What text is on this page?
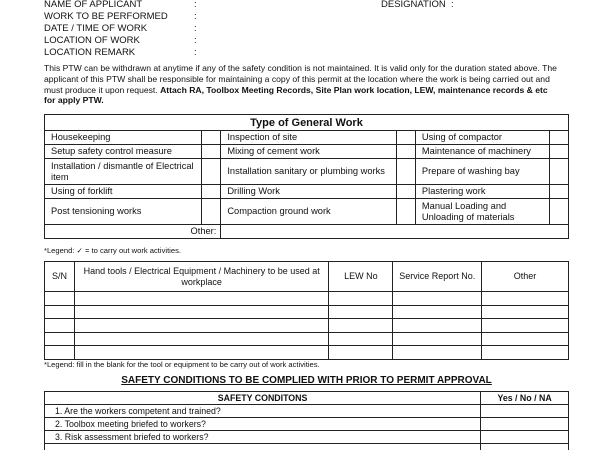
NAME OF APPLICANT	:
WORK TO BE PERFORMED	:
DATE / TIME OF WORK	:
LOCATION OF WORK	:
LOCATION REMARK	:
DESIGNATION :
This PTW can be withdrawn at anytime if any of the safety condition is not maintained. It is valid only for the duration stated above. The applicant of this PTW shall be responsible for maintaining a copy of this permit at the location where the work is being carried out and must produce it upon request. Attach RA, Toolbox Meeting Records, Site Plan work location, LEW, maintenance records & etc for apply PTW.
Type of General Work					
Housekeeping		Inspection of site		Using of compactor	
Setup safety control measure		Mixing of cement work		Maintenance of machinery	
Installation / dismantle of Electrical item		Installation sanitary or plumbing works		Prepare of washing bay	
Using of forklift		Drilling Work		Plastering work	
Post tensioning works		Compaction ground work		Manual Loading and Unloading of materials	
Other:					
*Legend: ✓ = to carry out work activities.
S/N	Hand tools / Electrical Equipment / Machinery to be used at workplace	LEW No	Service Report No.	Other

*Legend: fill in the blank for the tool or equipment to be carry out of work activities.
SAFETY CONDITIONS TO BE COMPLIED WITH PRIOR TO PERMIT APPROVAL
SAFETY CONDITONS	Yes / No / NA
1. Are the workers competent and trained?	
2. Toolbox meeting briefed to workers?	
3. Risk assessment briefed to workers?	
